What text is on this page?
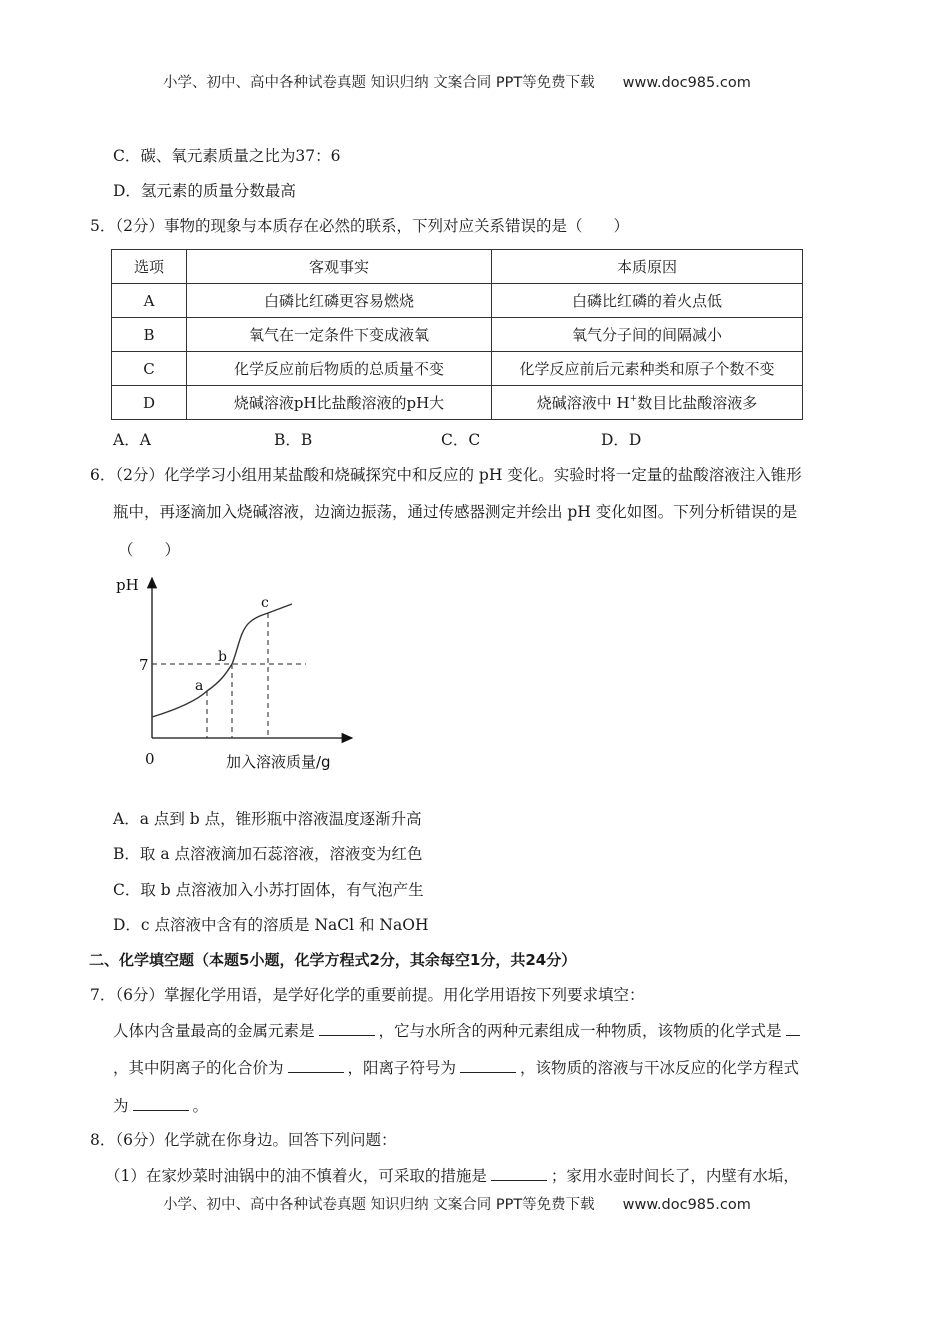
小学、初中、高中各种试卷真题 知识归纳 文案合同 PPT等免费下载 www.doc985.com
C．碳、氧元素质量之比为37：6
D．氢元素的质量分数最高
5．（2分）事物的现象与本质存在必然的联系，下列对应关系错误的是（　　）
选项	客观事实	本质原因
A	白磷比红磷更容易燃烧	白磷比红磷的着火点低
B	氧气在一定条件下变成液氧	氧气分子间的间隔减小
C	化学反应前后物质的总质量不变	化学反应前后元素种类和原子个数不变
D	烧碱溶液pH比盐酸溶液的pH大	烧碱溶液中 H+数目比盐酸溶液多
A．A	B．B	C．C	D．D
6．（2分）化学学习小组用某盐酸和烧碱探究中和反应的 pH 变化。实验时将一定量的盐酸溶液注入锥形
瓶中，再逐滴加入烧碱溶液，边滴边振荡，通过传感器测定并绘出 pH 变化如图。下列分析错误的是
（　　）
pH
7
0	加入溶液质量/g
a
b
c
A．a 点到 b 点，锥形瓶中溶液温度逐渐升高
B．取 a 点溶液滴加石蕊溶液，溶液变为红色
C．取 b 点溶液加入小苏打固体，有气泡产生
D．c 点溶液中含有的溶质是 NaCl 和 NaOH
二、化学填空题（本题5小题，化学方程式2分，其余每空1分，共24分）
7．（6分）掌握化学用语，是学好化学的重要前提。用化学用语按下列要求填空：
人体内含量最高的金属元素是	，它与水所含的两种元素组成一种物质，该物质的化学式是
，其中阴离子的化合价为	，阳离子符号为	，该物质的溶液与干冰反应的化学方程式
为	。
8．（6分）化学就在你身边。回答下列问题：
（1）在家炒菜时油锅中的油不慎着火，可采取的措施是	；家用水壶时间长了，内壁有水垢，
小学、初中、高中各种试卷真题 知识归纳 文案合同 PPT等免费下载 www.doc985.com
